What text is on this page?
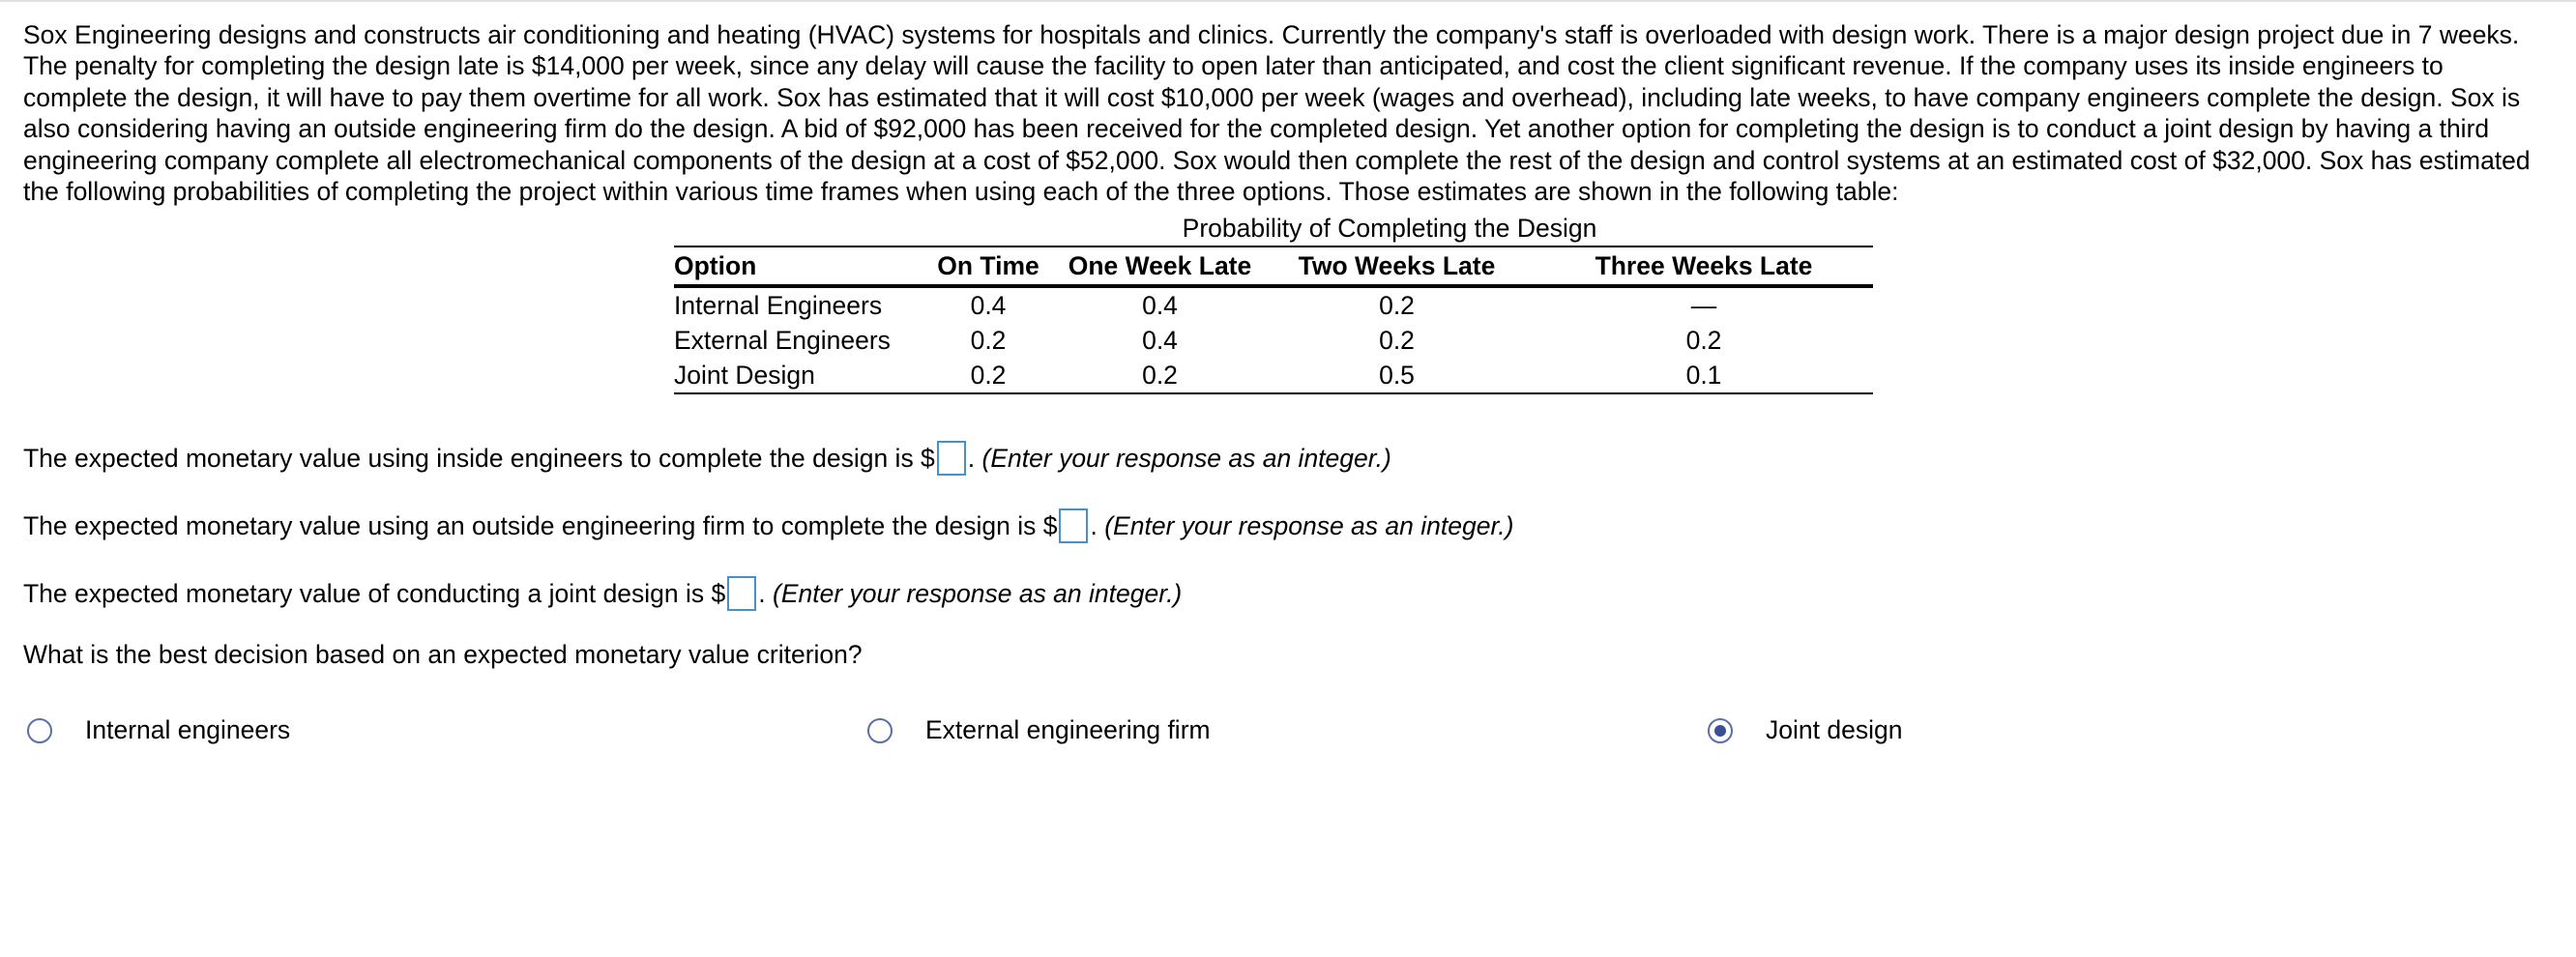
Sox Engineering designs and constructs air conditioning and heating (HVAC) systems for hospitals and clinics. Currently the company's staff is overloaded with design work. There is a major design project due in 7 weeks. The penalty for completing the design late is $14,000 per week, since any delay will cause the facility to open later than anticipated, and cost the client significant revenue. If the company uses its inside engineers to complete the design, it will have to pay them overtime for all work. Sox has estimated that it will cost $10,000 per week (wages and overhead), including late weeks, to have company engineers complete the design. Sox is also considering having an outside engineering firm do the design. A bid of $92,000 has been received for the completed design. Yet another option for completing the design is to conduct a joint design by having a third engineering company complete all electromechanical components of the design at a cost of $52,000. Sox would then complete the rest of the design and control systems at an estimated cost of $32,000. Sox has estimated the following probabilities of completing the project within various time frames when using each of the three options. Those estimates are shown in the following table:

Probability of Completing the Design
Option	On Time	One Week Late	Two Weeks Late	Three Weeks Late
Internal Engineers	0.4	0.4	0.2	—
External Engineers	0.2	0.4	0.2	0.2
Joint Design	0.2	0.2	0.5	0.1
The expected monetary value using inside engineers to complete the design is $ .
(Enter your response as an integer.)
The expected monetary value using an outside engineering firm to complete the design is $ .
(Enter your response as an integer.)
The expected monetary value of conducting a joint design is $ .
(Enter your response as an integer.)
What is the best decision based on an expected monetary value criterion?
Internal engineers	External engineering firm	Joint design
